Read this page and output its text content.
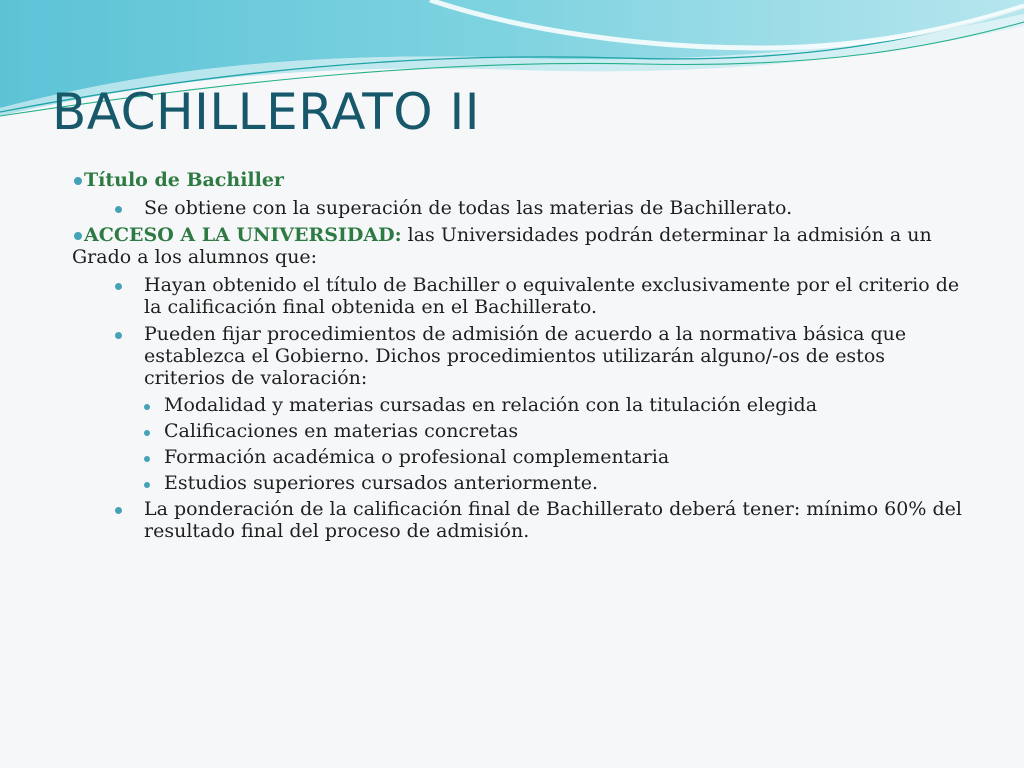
BACHILLERATO II
Título de Bachiller
Se obtiene con la superación de todas las materias de Bachillerato.
ACCESO A LA UNIVERSIDAD: las Universidades podrán determinar la admisión a un Grado a los alumnos que:
Hayan obtenido el título de Bachiller o equivalente exclusivamente por el criterio de la calificación final obtenida en el Bachillerato.
Pueden fijar procedimientos de admisión de acuerdo a la normativa básica que establezca el Gobierno. Dichos procedimientos utilizarán alguno/-os de estos criterios de valoración:
Modalidad y materias cursadas en relación con la titulación elegida
Calificaciones en materias concretas
Formación académica o profesional complementaria
Estudios superiores cursados anteriormente.
La ponderación de la calificación final de Bachillerato deberá tener: mínimo 60% del resultado final del proceso de admisión.
